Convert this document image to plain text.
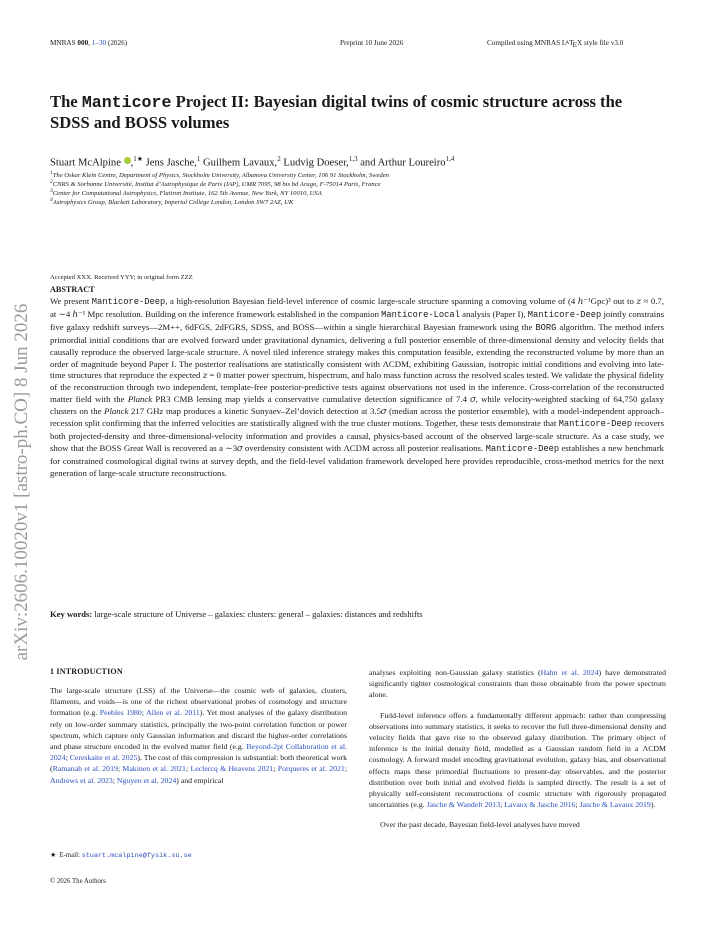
MNRAS 000, 1–30 (2026)	Preprint 10 June 2026	Compiled using MNRAS $L^ATEX$ style file v3.0
arXiv:2606.10020v1 [astro-ph.CO] 8 Jun 2026
The Manticore Project II: Bayesian digital twins of cosmic structure across the SDSS and BOSS volumes
Stuart McAlpine ,$^{1★}$ Jens Jasche,$^1$ Guilhem Lavaux,$^2$ Ludvig Doeser,$^{1,3}$ and Arthur Loureiro$^{1,4}$
$^1$The Oskar Klein Centre, Department of Physics, Stockholm University, Albanova University Center, 106 91 Stockholm, Sweden
$^2$CNRS & Sorbonne Université, Institut d’Astrophysique de Paris (IAP), UMR 7095, 98 bis bd Arago, F-75014 Paris, France
$^3$Center for Computational Astrophysics, Flatiron Institute, 162 5th Avenue, New York, NY 10010, USA
$^4$Astrophysics Group, Blackett Laboratory, Imperial College London, London SW7 2AZ, UK
Accepted XXX. Received YYY; in original form ZZZ
ABSTRACT

We present Manticore-Deep, a high-resolution Bayesian field-level inference of cosmic large-scale structure spanning a comoving volume of (4 ℎ⁻¹Gpc)³ out to 𝑧 ≈ 0.7, at ∼4 ℎ⁻¹ Mpc resolution. Building on the inference framework established in the companion Manticore-Local analysis (Paper I), Manticore-Deep jointly constrains five galaxy redshift surveys—2M++, 6dFGS, 2dFGRS, SDSS, and BOSS—within a single hierarchical Bayesian framework using the BORG algorithm. The method infers primordial initial conditions that are evolved forward under gravitational dynamics, delivering a full posterior ensemble of three-dimensional density and velocity fields that causally reproduce the observed large-scale structure. A novel tiled inference strategy makes this computation feasible, extending the reconstructed volume by more than an order of magnitude beyond Paper I. The posterior realisations are statistically consistent with ΛCDM, exhibiting Gaussian, isotropic initial conditions and evolving into late-time structures that reproduce the expected 𝑧 = 0 matter power spectrum, bispectrum, and halo mass function across the resolved scales tested. We validate the physical fidelity of the reconstruction through two independent, template-free posterior-predictive tests against observations not used in the inference. Cross-correlation of the reconstructed matter field with the Planck PR3 CMB lensing map yields a conservative cumulative detection significance of 7.4 𝜎, while velocity-weighted stacking of 64,750 galaxy clusters on the Planck 217 GHz map produces a kinetic Sunyaev–Zel’dovich detection at 3.5𝜎 (median across the posterior ensemble), with a model-independent approach–recession split confirming that the inferred velocities are statistically aligned with the true cluster motions. Together, these tests demonstrate that Manticore-Deep recovers both projected-density and three-dimensional-velocity information and provides a causal, physics-based account of the observed large-scale structure. As a case study, we show that the BOSS Great Wall is recovered as a ∼3𝜎 overdensity consistent with ΛCDM across all posterior realisations. Manticore-Deep establishes a new benchmark for constrained cosmological digital twins at survey depth, and the field-level validation framework developed here provides reproducible, cross-method metrics for the next generation of large-scale structure reconstructions.

Key words: large-scale structure of Universe – galaxies: clusters: general – galaxies: distances and redshifts
1 INTRODUCTION

The large-scale structure (LSS) of the Universe—the cosmic web of galaxies, clusters, filaments, and voids—is one of the richest observational probes of cosmology and structure formation (e.g. Peebles 1980; Allen et al. 2011). Yet most analyses of the galaxy distribution rely on low-order summary statistics, principally the two-point correlation function or power spectrum, which capture only Gaussian information and discard the higher-order correlations and phase structure encoded in the evolved matter field (e.g. Beyond-2pt Collaboration et al. 2024; Cereskaite et al. 2025). The cost of this compression is substantial: both theoretical work (Ramanah et al. 2019; Makinen et al. 2021; Leclercq & Heavens 2021; Porqueres et al. 2021; Andrews et al. 2023; Nguyen et al. 2024) and empirical

analyses exploiting non-Gaussian galaxy statistics (Hahn et al. 2024) have demonstrated significantly tighter cosmological constraints than those obtainable from the power spectrum alone.

Field-level inference offers a fundamentally different approach: rather than compressing observations into summary statistics, it seeks to recover the full three-dimensional density and velocity fields that gave rise to the observed galaxy distribution. The primary object of inference is the initial density field, modelled as a Gaussian random field in a ΛCDM cosmology. A forward model encoding gravitational evolution, galaxy bias, and observational effects maps these primordial fluctuations to present-day observables, and the posterior distribution over both initial and evolved fields is sampled directly. The result is a set of physically self-consistent reconstructions of cosmic structure with rigorously propagated uncertainties (e.g. Jasche & Wandelt 2013; Lavaux & Jasche 2016; Jasche & Lavaux 2019).

Over the past decade, Bayesian field-level analyses have moved

★ E-mail: stuart.mcalpine@fysik.su.se
© 2026 The Authors
